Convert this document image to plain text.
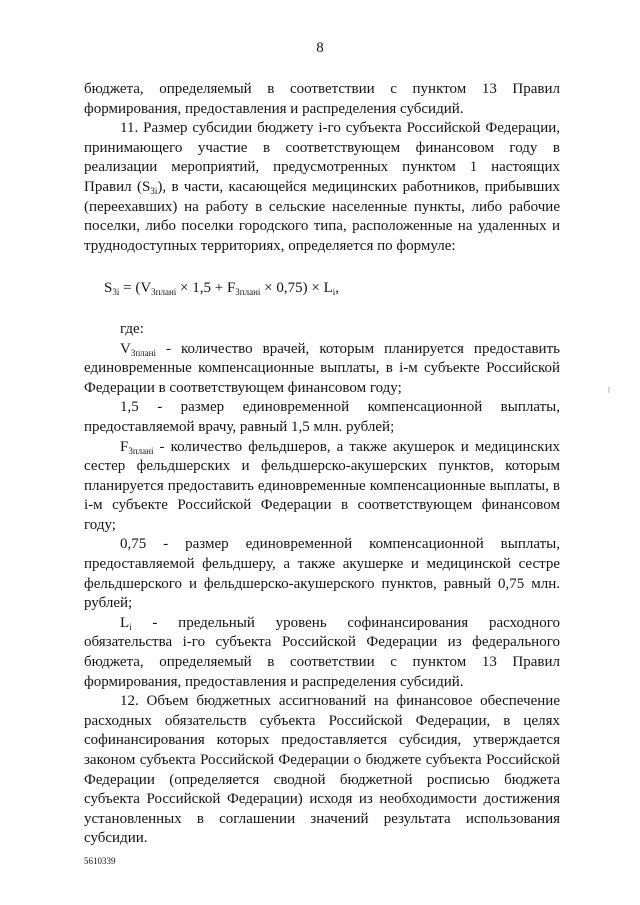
8

бюджета, определяемый в соответствии с пунктом 13 Правил формирования, предоставления и распределения субсидий.

11. Размер субсидии бюджету i-го субъекта Российской Федерации, принимающего участие в соответствующем финансовом году в реализации мероприятий, предусмотренных пунктом 1 настоящих Правил $(S_{3i})$, в части, касающейся медицинских работников, прибывших (переехавших) на работу в сельские населенные пункты, либо рабочие поселки, либо поселки городского типа, расположенные на удаленных и труднодоступных территориях, определяется по формуле:

$S_{3i} = (V_{3плані} \times 1,5 + F_{3плані} \times 0,75) \times L_i$,

где:

$V_{3плані}$ - количество врачей, которым планируется предоставить единовременные компенсационные выплаты, в i-м субъекте Российской Федерации в соответствующем финансовом году;

1,5 - размер единовременной компенсационной выплаты, предоставляемой врачу, равный 1,5 млн. рублей;

$F_{3плані}$ - количество фельдшеров, а также акушерок и медицинских сестер фельдшерских и фельдшерско-акушерских пунктов, которым планируется предоставить единовременные компенсационные выплаты, в i-м субъекте Российской Федерации в соответствующем финансовом году;

0,75 - размер единовременной компенсационной выплаты, предоставляемой фельдшеру, а также акушерке и медицинской сестре фельдшерского и фельдшерско-акушерского пунктов, равный 0,75 млн. рублей;

$L_i$ - предельный уровень софинансирования расходного обязательства i-го субъекта Российской Федерации из федерального бюджета, определяемый в соответствии с пунктом 13 Правил формирования, предоставления и распределения субсидий.

12. Объем бюджетных ассигнований на финансовое обеспечение расходных обязательств субъекта Российской Федерации, в целях софинансирования которых предоставляется субсидия, утверждается законом субъекта Российской Федерации о бюджете субъекта Российской Федерации (определяется сводной бюджетной росписью бюджета субъекта Российской Федерации) исходя из необходимости достижения установленных в соглашении значений результата использования субсидии.

5610339
